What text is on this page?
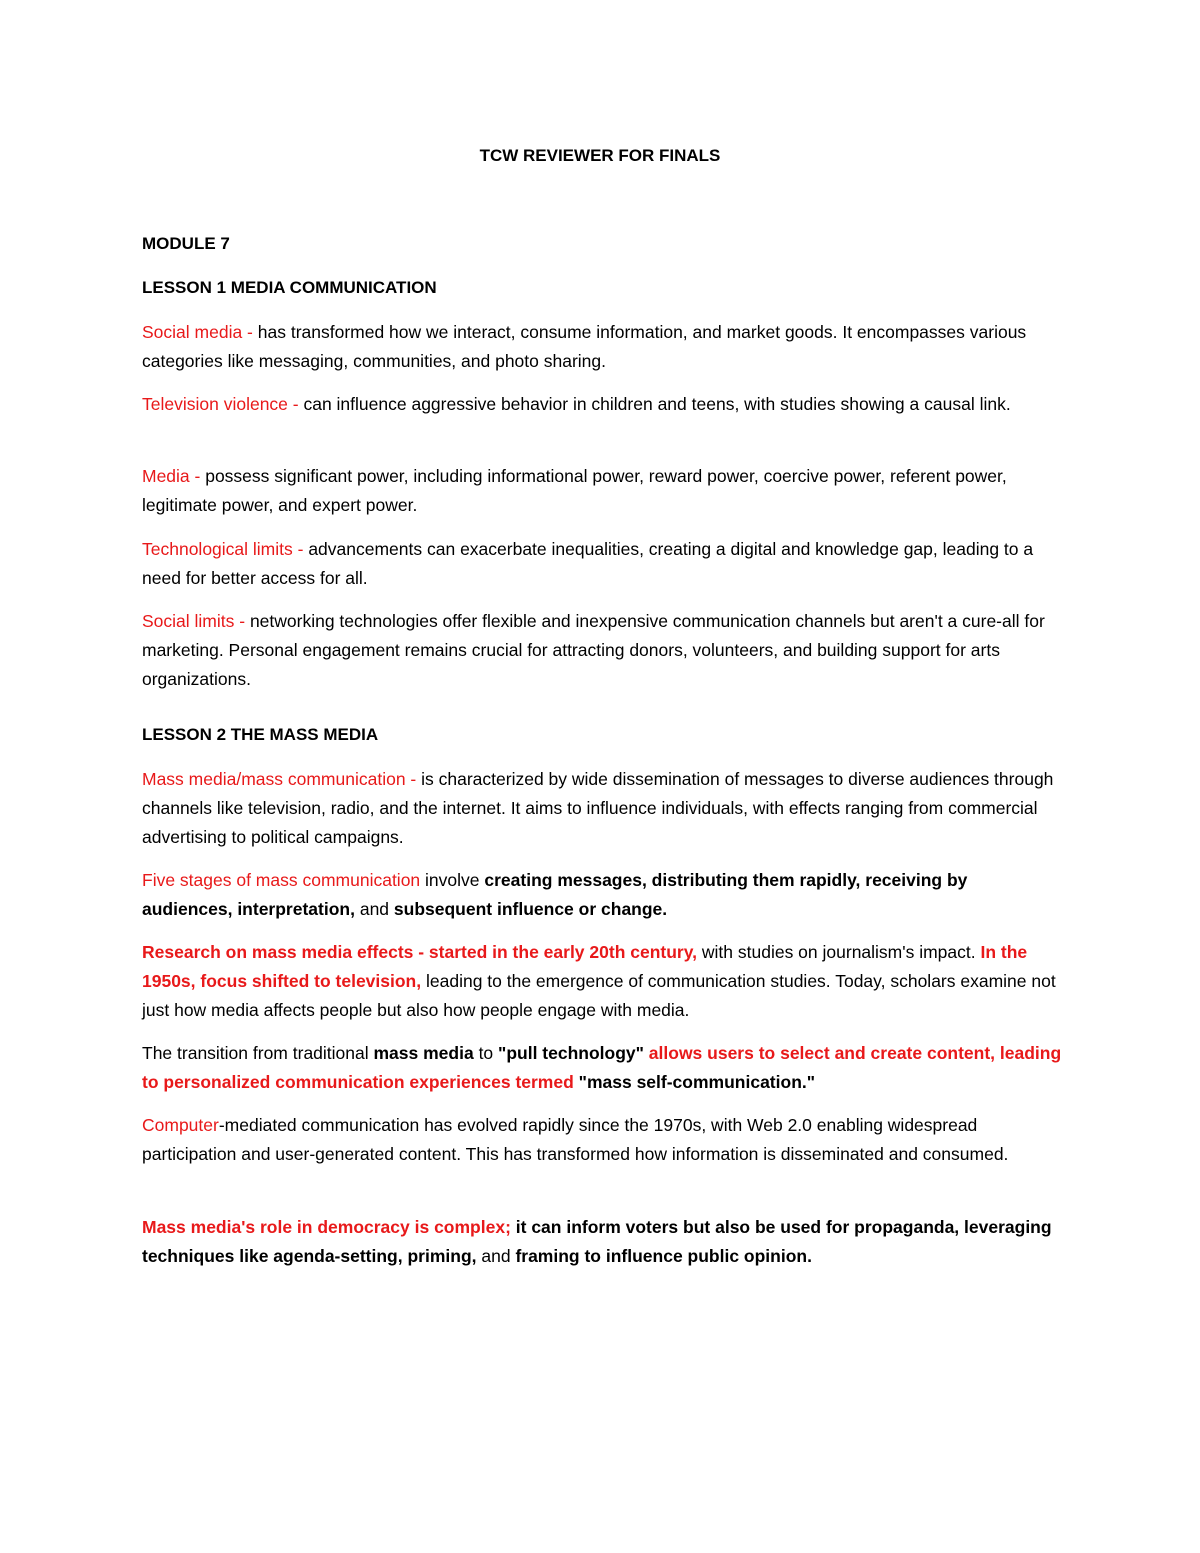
TCW REVIEWER FOR FINALS
MODULE 7
LESSON 1 MEDIA COMMUNICATION
Social media - has transformed how we interact, consume information, and market goods. It encompasses various categories like messaging, communities, and photo sharing.
Television violence - can influence aggressive behavior in children and teens, with studies showing a causal link.
Media - possess significant power, including informational power, reward power, coercive power, referent power, legitimate power, and expert power.
Technological limits - advancements can exacerbate inequalities, creating a digital and knowledge gap, leading to a need for better access for all.
Social limits - networking technologies offer flexible and inexpensive communication channels but aren't a cure-all for marketing. Personal engagement remains crucial for attracting donors, volunteers, and building support for arts organizations.
LESSON 2 THE MASS MEDIA
Mass media/mass communication - is characterized by wide dissemination of messages to diverse audiences through channels like television, radio, and the internet. It aims to influence individuals, with effects ranging from commercial advertising to political campaigns.
Five stages of mass communication involve creating messages, distributing them rapidly, receiving by audiences, interpretation, and subsequent influence or change.
Research on mass media effects - started in the early 20th century, with studies on journalism's impact. In the 1950s, focus shifted to television, leading to the emergence of communication studies. Today, scholars examine not just how media affects people but also how people engage with media.
The transition from traditional mass media to "pull technology" allows users to select and create content, leading to personalized communication experiences termed "mass self-communication."
Computer-mediated communication has evolved rapidly since the 1970s, with Web 2.0 enabling widespread participation and user-generated content. This has transformed how information is disseminated and consumed.
Mass media's role in democracy is complex; it can inform voters but also be used for propaganda, leveraging techniques like agenda-setting, priming, and framing to influence public opinion.
